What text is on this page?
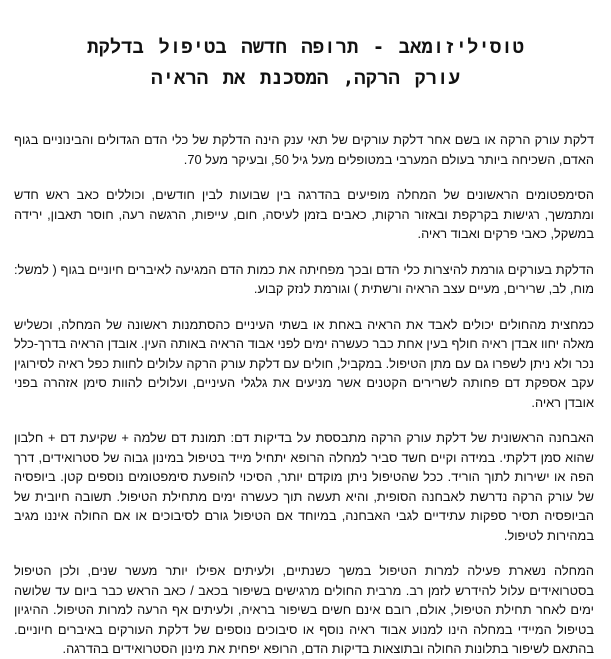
טוסיליזומאב - תרופה חדשה בטיפול בדלקת
עורק הרקה, המסכנת את הראיה

דלקת עורק הרקה או בשם אחר דלקת עורקים של תאי ענק הינה הדלקת של כלי הדם הגדולים והבינוניים בגוף האדם, השכיחה ביותר בעולם המערבי במטופלים מעל גיל 50, ובעיקר מעל 70.

הסימפטומים הראשונים של המחלה מופיעים בהדרגה בין שבועות לבין חודשים, וכוללים כאב ראש חדש ומתמשך, רגישות בקרקפת ובאזור הרקות, כאבים בזמן לעיסה, חום, עייפות, הרגשה רעה, חוסר תאבון, ירידה במשקל, כאבי פרקים ואבוד ראיה.

הדלקת בעורקים גורמת להיצרות כלי הדם ובכך מפחיתה את כמות הדם המגיעה לאיברים חיוניים בגוף ( למשל: מוח, לב, שרירים, מעיים עצב הראיה ורשתית ) וגורמת לנזק קבוע.

כמחצית מהחולים יכולים לאבד את הראיה באחת או בשתי העיניים כהסתמנות ראשונה של המחלה, וכשליש מאלה יחוו אבדן ראיה חולף בעין אחת כבר כעשרה ימים לפני אבוד הראיה באותה העין. אובדן הראיה בדרך-כלל נכר ולא ניתן לשפרו גם עם מתן הטיפול. במקביל, חולים עם דלקת עורק הרקה עלולים לחוות כפל ראיה לסירוגין עקב אספקת דם פחותה לשרירים הקטנים אשר מניעים את גלגלי העיניים, ועלולים להוות סימן אזהרה בפני אובדן ראיה.

האבחנה הראשונית של דלקת עורק הרקה מתבססת על בדיקות דם: תמונת דם שלמה + שקיעת דם + חלבון שהוא סמן דלקתי. במידה וקיים חשד סביר למחלה הרופא יתחיל מייד בטיפול במינון גבוה של סטרואידים, דרך הפה או ישירות לתוך הוריד. ככל שהטיפול ניתן מוקדם יותר, הסיכוי להופעת סימפטומים נוספים קטן. ביופסיה של עורק הרקה נדרשת לאבחנה הסופית, והיא תעשה תוך כעשרה ימים מתחילת הטיפול. תשובה חיובית של הביופסיה תסיר ספקות עתידיים לגבי האבחנה, במיוחד אם הטיפול גורם לסיבוכים או אם החולה איננו מגיב במהירות לטיפול.

המחלה נשארת פעילה למרות הטיפול במשך כשנתיים, ולעיתים אפילו יותר מעשר שנים, ולכן הטיפול בסטרואידים עלול להידרש לזמן רב. מרבית החולים מרגישים בשיפור בכאב / כאב הראש כבר ביום עד שלושה ימים לאחר תחילת הטיפול, אולם, רובם אינם חשים בשיפור בראיה, ולעיתים אף הרעה למרות הטיפול. ההיגיון בטיפול המיידי במחלה הינו למנוע אבוד ראיה נוסף או סיבוכים נוספים של דלקת העורקים באיברים חיוניים. בהתאם לשיפור בתלונות החולה ובתוצאות בדיקות הדם, הרופא יפחית את מינון הסטרואידים בהדרגה.
